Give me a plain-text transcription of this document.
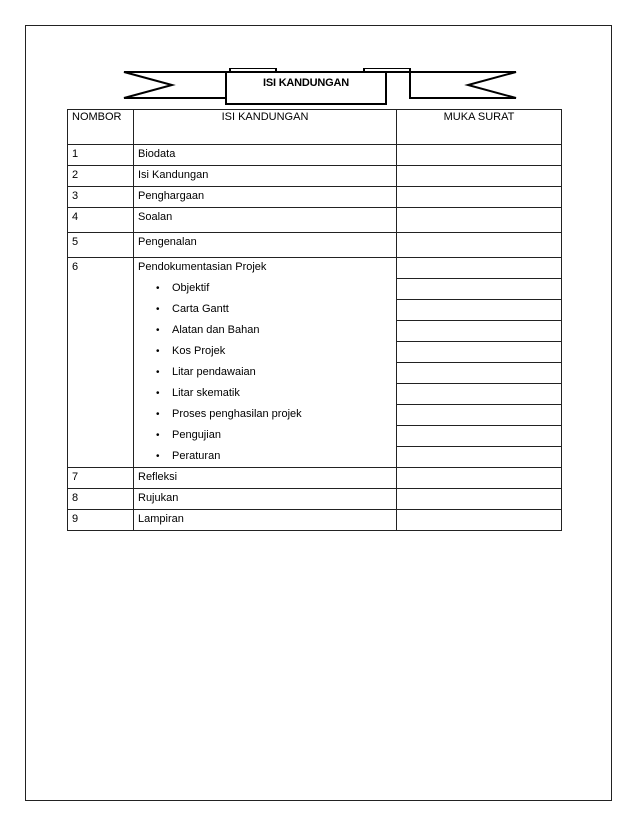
ISI KANDUNGAN
NOMBOR	ISI KANDUNGAN	MUKA SURAT
1	Biodata	
2	Isi Kandungan	
3	Penghargaan	
4	Soalan	
5	Pengenalan	
6	Pendokumentasian Projek	
	• Objektif	
	• Carta Gantt	
	• Alatan dan Bahan	
	• Kos Projek	
	• Litar pendawaian	
	• Litar skematik	
	• Proses penghasilan projek	
	• Pengujian	
	• Peraturan	
7	Refleksi	
8	Rujukan	
9	Lampiran	
